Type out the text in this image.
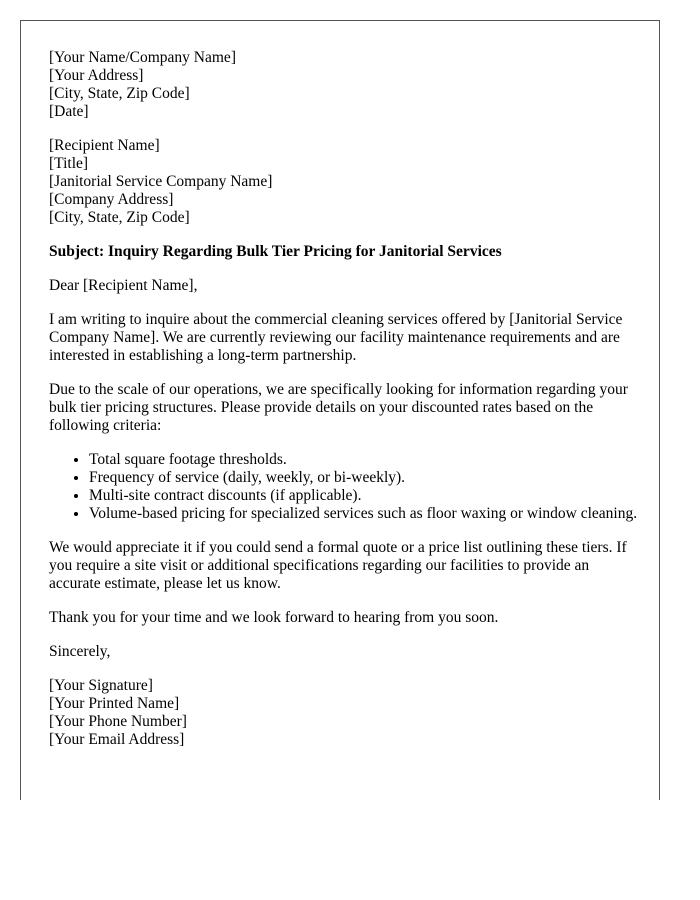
[Your Name/Company Name]
[Your Address]
[City, State, Zip Code]
[Date]
[Recipient Name]
[Title]
[Janitorial Service Company Name]
[Company Address]
[City, State, Zip Code]
Subject: Inquiry Regarding Bulk Tier Pricing for Janitorial Services

Dear [Recipient Name],

I am writing to inquire about the commercial cleaning services offered by [Janitorial Service Company Name]. We are currently reviewing our facility maintenance requirements and are interested in establishing a long-term partnership.

Due to the scale of our operations, we are specifically looking for information regarding your bulk tier pricing structures. Please provide details on your discounted rates based on the following criteria:

• Total square footage thresholds.
• Frequency of service (daily, weekly, or bi-weekly).
• Multi-site contract discounts (if applicable).
• Volume-based pricing for specialized services such as floor waxing or window cleaning.

We would appreciate it if you could send a formal quote or a price list outlining these tiers. If you require a site visit or additional specifications regarding our facilities to provide an accurate estimate, please let us know.

Thank you for your time and we look forward to hearing from you soon.

Sincerely,

[Your Signature]
[Your Printed Name]
[Your Phone Number]
[Your Email Address]
